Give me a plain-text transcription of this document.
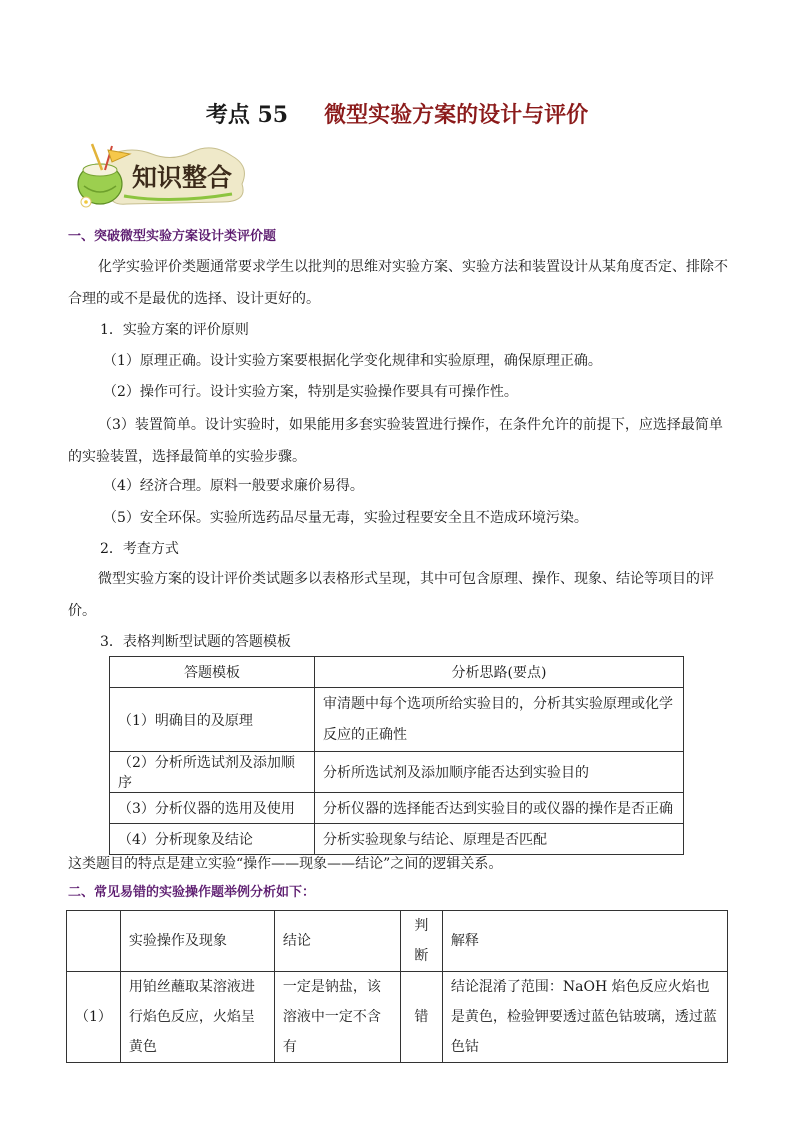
考点 55 微型实验方案的设计与评价
知识整合
一、突破微型实验方案设计类评价题
化学实验评价类题通常要求学生以批判的思维对实验方案、实验方法和装置设计从某角度否定、排除不合理的或不是最优的选择、设计更好的。
1．实验方案的评价原则
（1）原理正确。设计实验方案要根据化学变化规律和实验原理，确保原理正确。
（2）操作可行。设计实验方案，特别是实验操作要具有可操作性。
（3）装置简单。设计实验时，如果能用多套实验装置进行操作，在条件允许的前提下，应选择最简单的实验装置，选择最简单的实验步骤。
（4）经济合理。原料一般要求廉价易得。
（5）安全环保。实验所选药品尽量无毒，实验过程要安全且不造成环境污染。
2．考查方式
微型实验方案的设计评价类试题多以表格形式呈现，其中可包含原理、操作、现象、结论等项目的评价。
3．表格判断型试题的答题模板
答题模板	分析思路(要点)
（1）明确目的及原理	审清题中每个选项所给实验目的，分析其实验原理或化学反应的正确性
（2）分析所选试剂及添加顺序	分析所选试剂及添加顺序能否达到实验目的
（3）分析仪器的选用及使用	分析仪器的选择能否达到实验目的或仪器的操作是否正确
（4）分析现象及结论	分析实验现象与结论、原理是否匹配
这类题目的特点是建立实验“操作——现象——结论”之间的逻辑关系。
二、常见易错的实验操作题举例分析如下：
	实验操作及现象	结论	判断	解释
（1）	用铂丝蘸取某溶液进行焰色反应，火焰呈黄色	一定是钠盐，该溶液中一定不含有	错	结论混淆了范围：NaOH 焰色反应火焰也是黄色，检验钾要透过蓝色钴玻璃，透过蓝色钴
